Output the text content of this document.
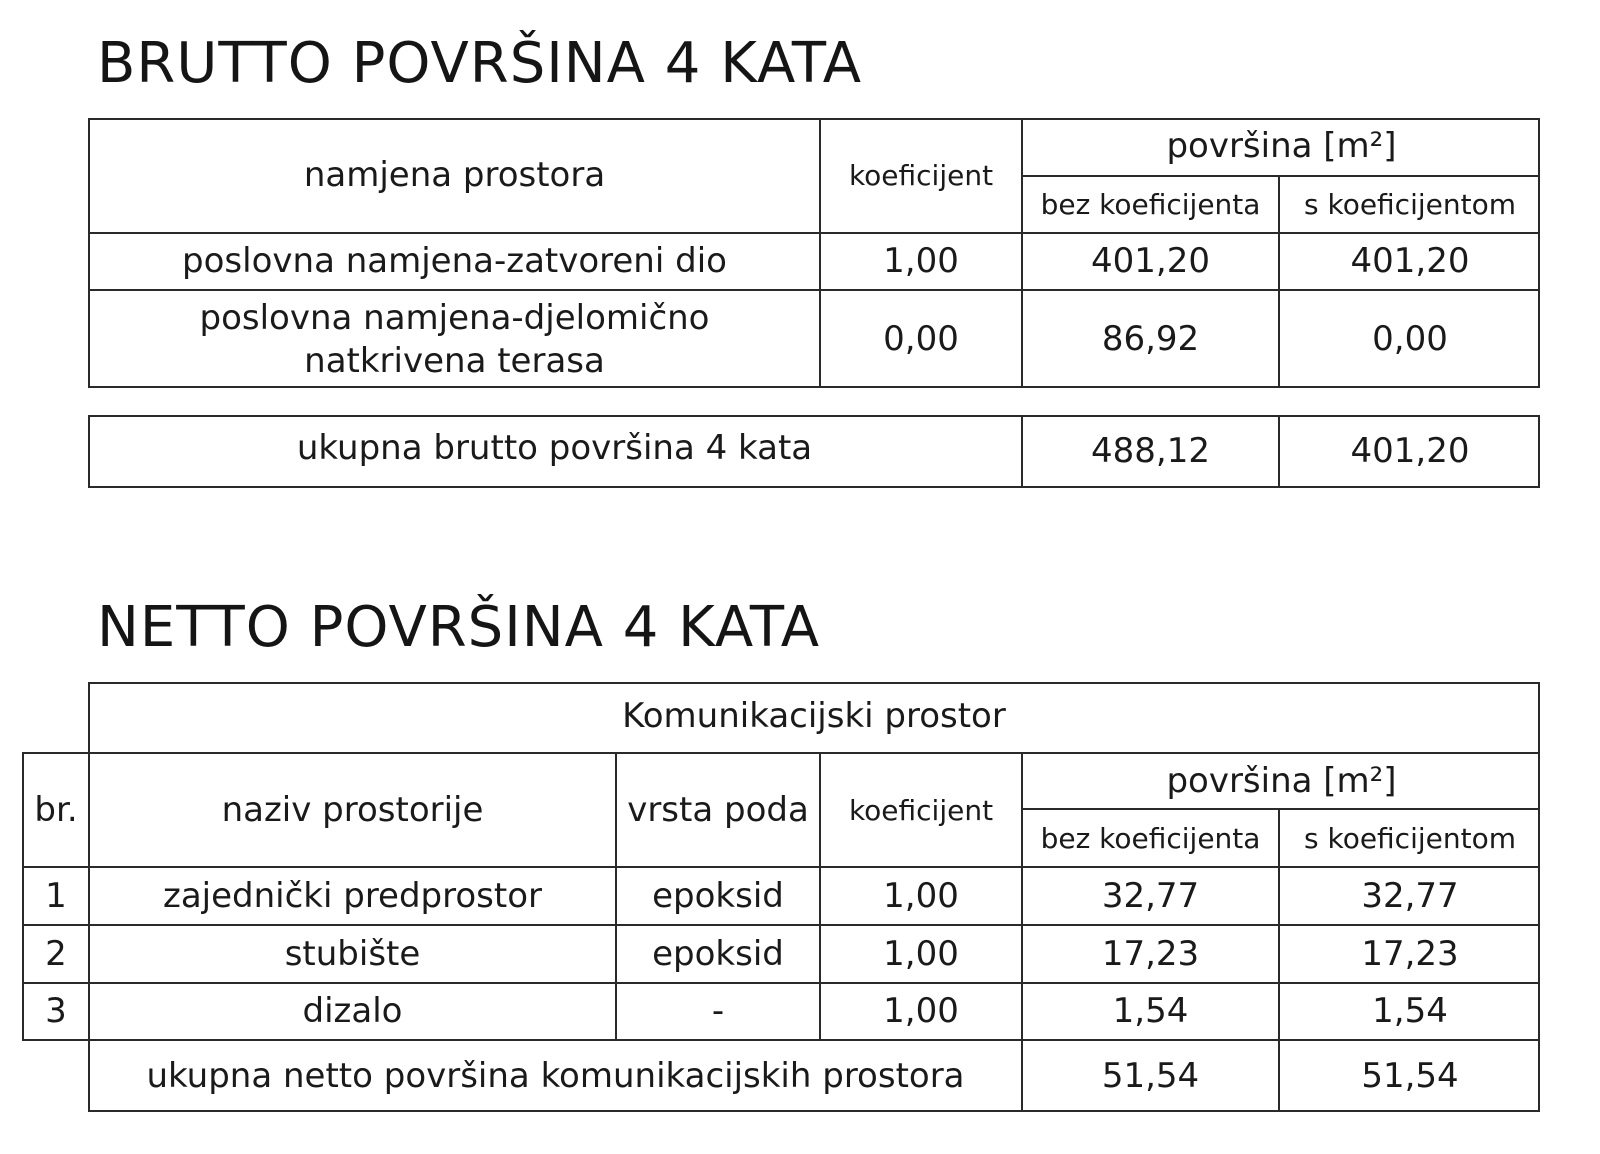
BRUTTO POVRŠINA 4 KATA
namjena prostora	koeficijent
površina [m²]
bez koeficijenta	s koeficijentom
poslovna namjena-zatvoreni dio	1,00	401,20	401,20
poslovna namjena-djelomično
natkrivena terasa
0,00	86,92	0,00
ukupna brutto površina 4 kata	488,12	401,20
NETTO POVRŠINA 4 KATA
Komunikacijski prostor
br.	naziv prostorije	vrsta poda	koeficijent
površina [m²]
bez koeficijenta	s koeficijentom
1	zajednički predprostor	epoksid	1,00	32,77	32,77
2	stubište	epoksid	1,00	17,23	17,23
3	dizalo	-	1,00	1,54	1,54
ukupna netto površina komunikacijskih prostora	51,54	51,54
